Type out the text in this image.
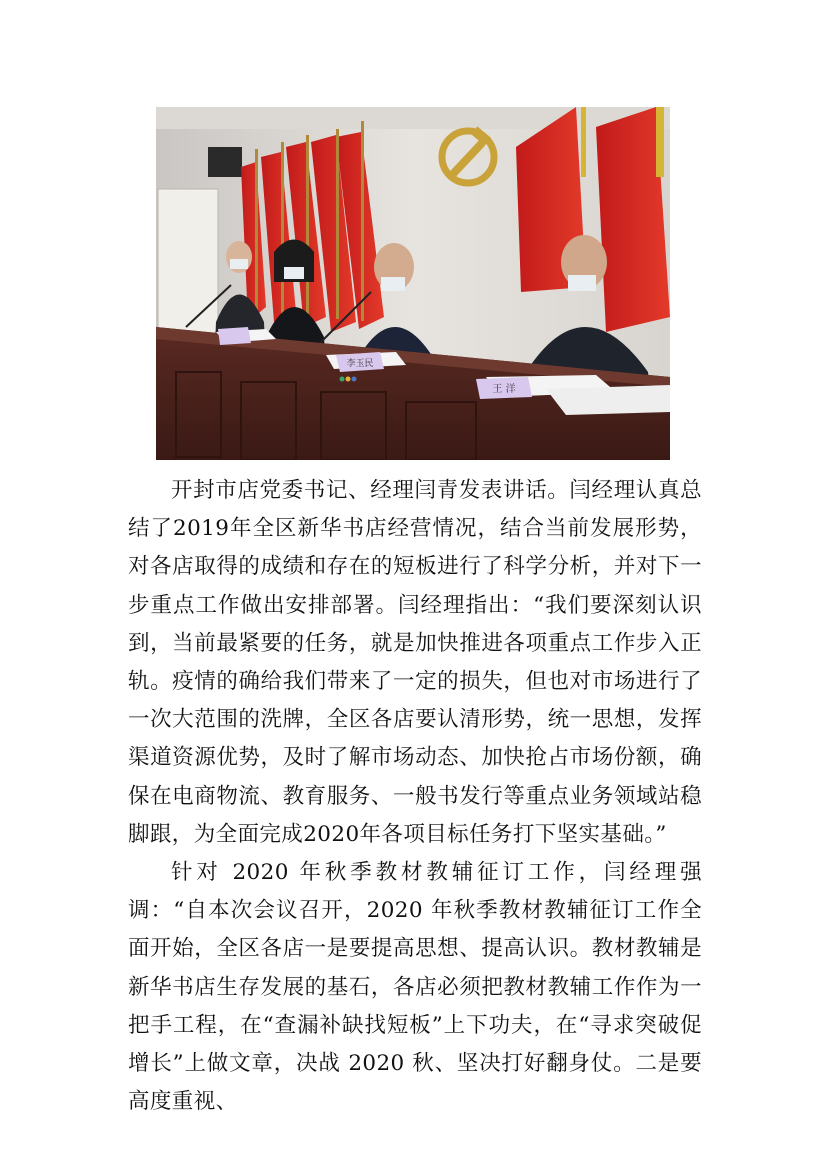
李玉民
王 洋

开封市店党委书记、经理闫青发表讲话。闫经理认真总结了2019年全区新华书店经营情况，结合当前发展形势，对各店取得的成绩和存在的短板进行了科学分析，并对下一步重点工作做出安排部署。闫经理指出：“我们要深刻认识到，当前最紧要的任务，就是加快推进各项重点工作步入正轨。疫情的确给我们带来了一定的损失，但也对市场进行了一次大范围的洗牌，全区各店要认清形势，统一思想，发挥渠道资源优势，及时了解市场动态、加快抢占市场份额，确保在电商物流、教育服务、一般书发行等重点业务领域站稳脚跟，为全面完成2020年各项目标任务打下坚实基础。”

针对 2020 年秋季教材教辅征订工作，闫经理强调：“自本次会议召开，2020 年秋季教材教辅征订工作全面开始，全区各店一是要提高思想、提高认识。教材教辅是新华书店生存发展的基石，各店必须把教材教辅工作作为一把手工程，在“查漏补缺找短板”上下功夫，在“寻求突破促增长”上做文章，决战 2020 秋、坚决打好翻身仗。二是要高度重视、
